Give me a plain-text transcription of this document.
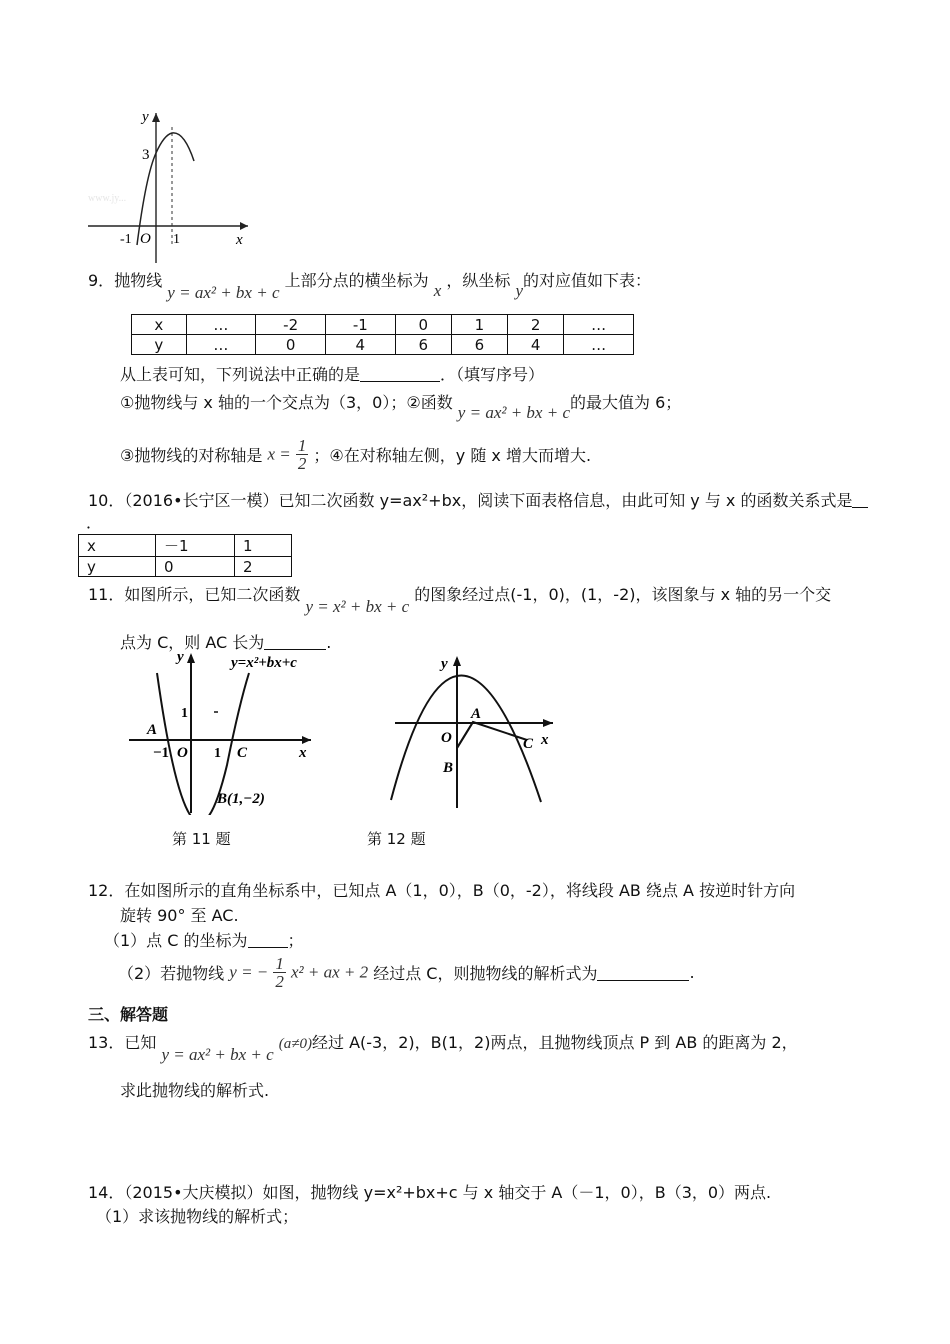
y
3
-1 O 1	x
www.jy...
9．抛物线 y = ax² + bx + c 上部分点的横坐标为 x ，纵坐标 y的对应值如下表：
x	…	-2	-1	0	1	2	…
y	…	0	4	6	6	4	…
从上表可知，下列说法中正确的是	．（填写序号）
①抛物线与 x 轴的一个交点为（3，0）；②函数 y = ax² + bx + c的最大值为 6；
③抛物线的对称轴是 $x = \frac{1}{2}$ ；④在对称轴左侧，y 随 x 增大而增大.
10．（2016•长宁区一模）已知二次函数 y=ax²+bx，阅读下面表格信息，由此可知 y 与 x 的函数关系式是
．
x	－1	1
y	0	2
11．如图所示，已知二次函数 y = x² + bx + c 的图象经过点(-1，0)，(1，-2)，该图象与 x 轴的另一个交
点为 C，则 AC 长为	.
y	y=x²+bx+c
A
1
−1 O 1 C	x
B(1,−2)
第 11 题
y
A
O	C x
B
第 12 题
12．在如图所示的直角坐标系中，已知点 A（1，0），B（0，-2），将线段 AB 绕点 A 按逆时针方向
旋转 90° 至 AC.
（1）点 C 的坐标为	；
（2）若抛物线 y = − $\frac{1}{2} x^2$ + ax + 2 经过点 C，则抛物线的解析式为	.
三、解答题
13．已知 y = ax² + bx + c (a≠0)经过 A(-3，2)，B(1，2)两点，且抛物线顶点 P 到 AB 的距离为 2，
求此抛物线的解析式.
14．（2015•大庆模拟）如图，抛物线 y=x²+bx+c 与 x 轴交于 A（－1，0），B（3，0）两点.
（1）求该抛物线的解析式；
